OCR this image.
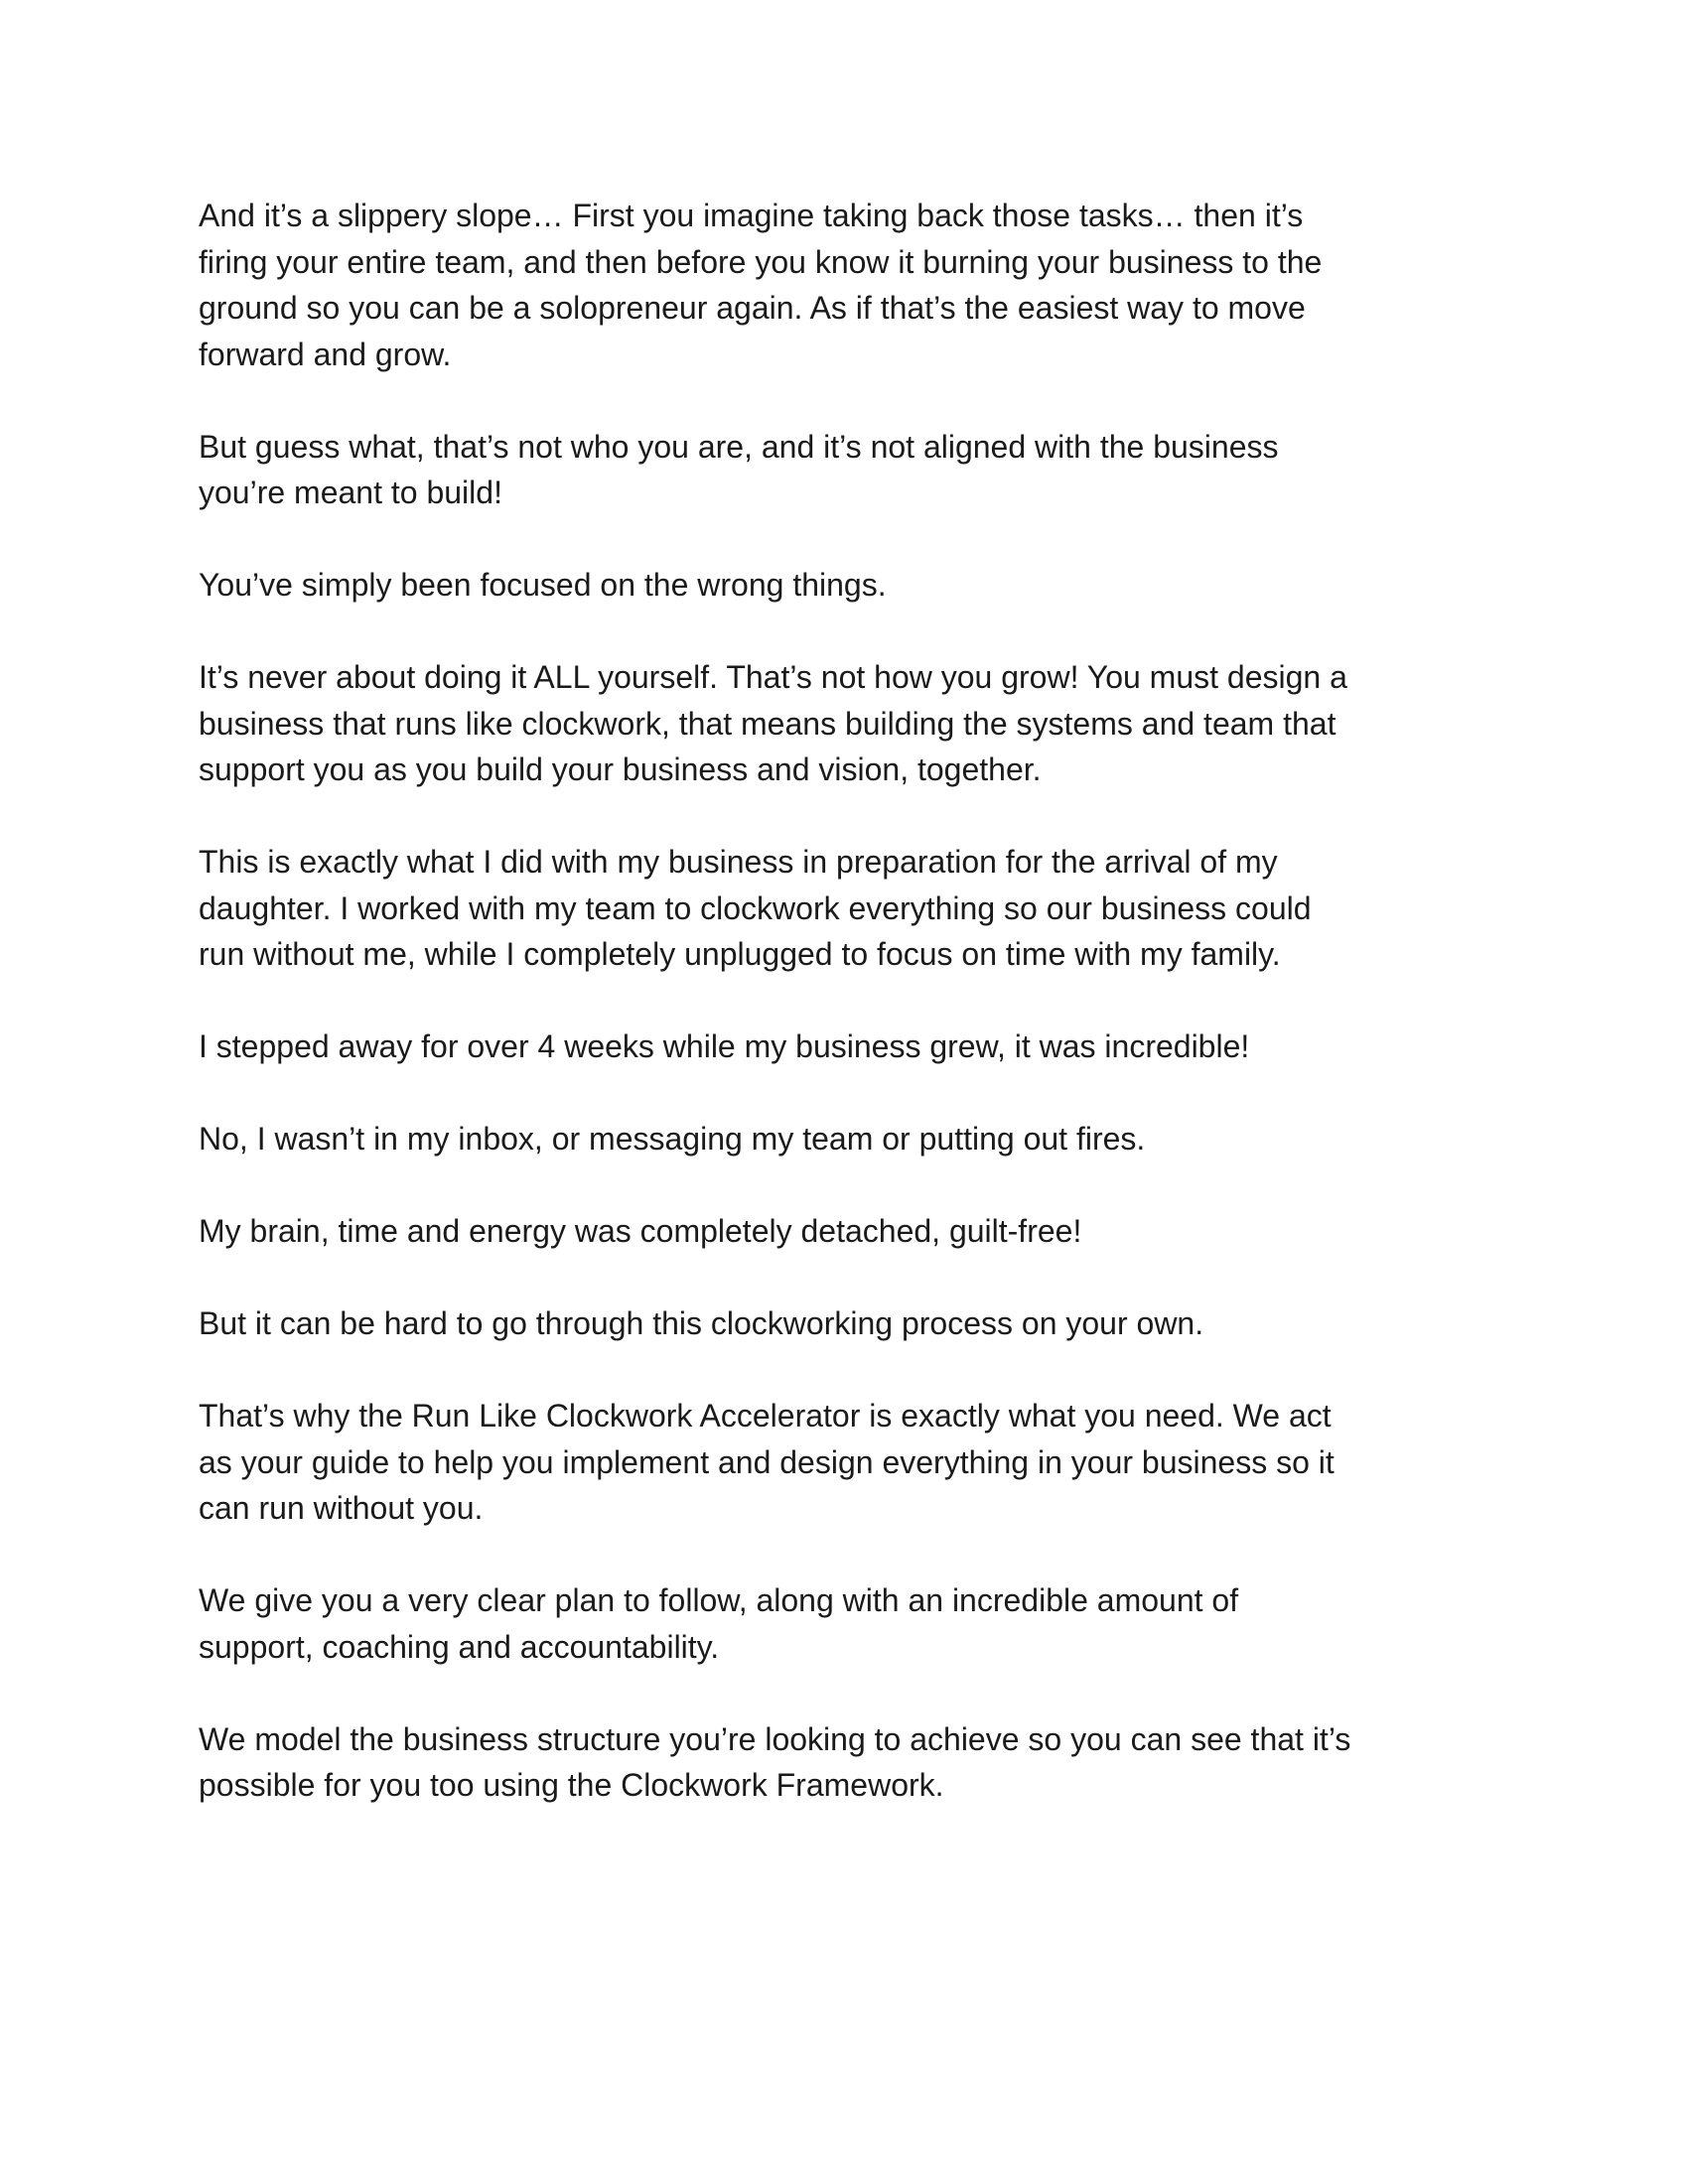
And it’s a slippery slope… First you imagine taking back those tasks… then it’s
firing your entire team, and then before you know it burning your business to the
ground so you can be a solopreneur again. As if that’s the easiest way to move
forward and grow.

But guess what, that’s not who you are, and it’s not aligned with the business
you’re meant to build!

You’ve simply been focused on the wrong things.

It’s never about doing it ALL yourself. That’s not how you grow! You must design a
business that runs like clockwork, that means building the systems and team that
support you as you build your business and vision, together.

This is exactly what I did with my business in preparation for the arrival of my
daughter. I worked with my team to clockwork everything so our business could
run without me, while I completely unplugged to focus on time with my family.

I stepped away for over 4 weeks while my business grew, it was incredible!

No, I wasn’t in my inbox, or messaging my team or putting out fires.

My brain, time and energy was completely detached, guilt-free!

But it can be hard to go through this clockworking process on your own.

That’s why the Run Like Clockwork Accelerator is exactly what you need. We act
as your guide to help you implement and design everything in your business so it
can run without you.

We give you a very clear plan to follow, along with an incredible amount of
support, coaching and accountability.

We model the business structure you’re looking to achieve so you can see that it’s
possible for you too using the Clockwork Framework.
